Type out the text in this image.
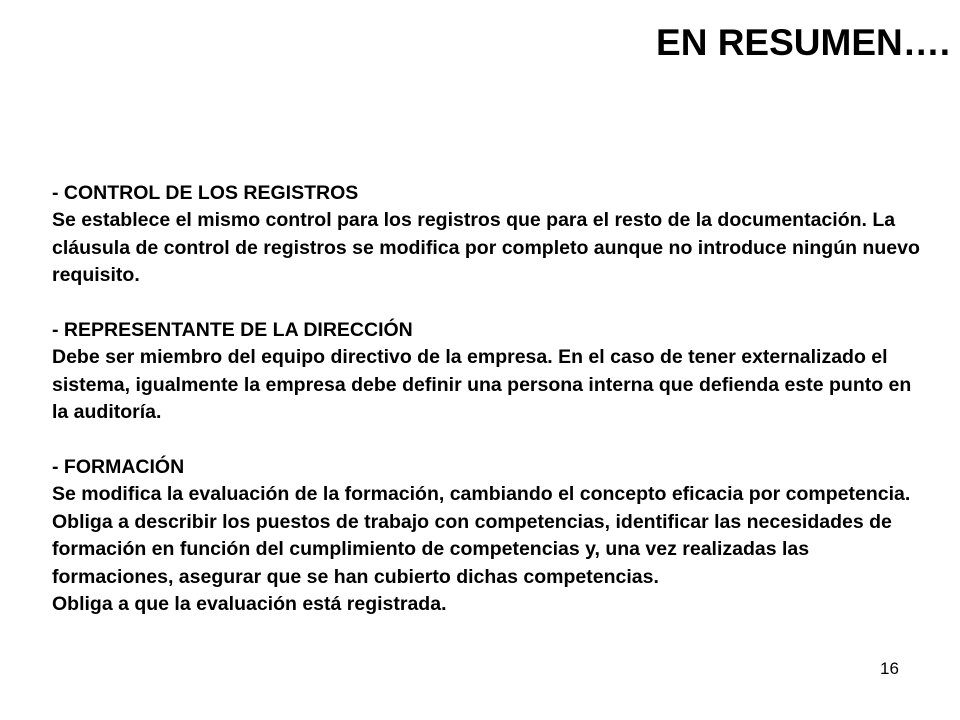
EN RESUMEN….
- CONTROL DE LOS REGISTROS

Se establece el mismo control para los registros que para el resto de la documentación. La cláusula de control de registros se modifica por completo aunque no introduce ningún nuevo requisito.

- REPRESENTANTE DE LA DIRECCIÓN

Debe ser miembro del equipo directivo de la empresa. En el caso de tener externalizado el sistema, igualmente la empresa debe definir una persona interna que defienda este punto en la auditoría.

- FORMACIÓN

Se modifica la evaluación de la formación, cambiando el concepto eficacia por competencia. Obliga a describir los puestos de trabajo con competencias, identificar las necesidades de formación en función del cumplimiento de competencias y, una vez realizadas las formaciones, asegurar que se han cubierto dichas competencias.

Obliga a que la evaluación está registrada.

16
